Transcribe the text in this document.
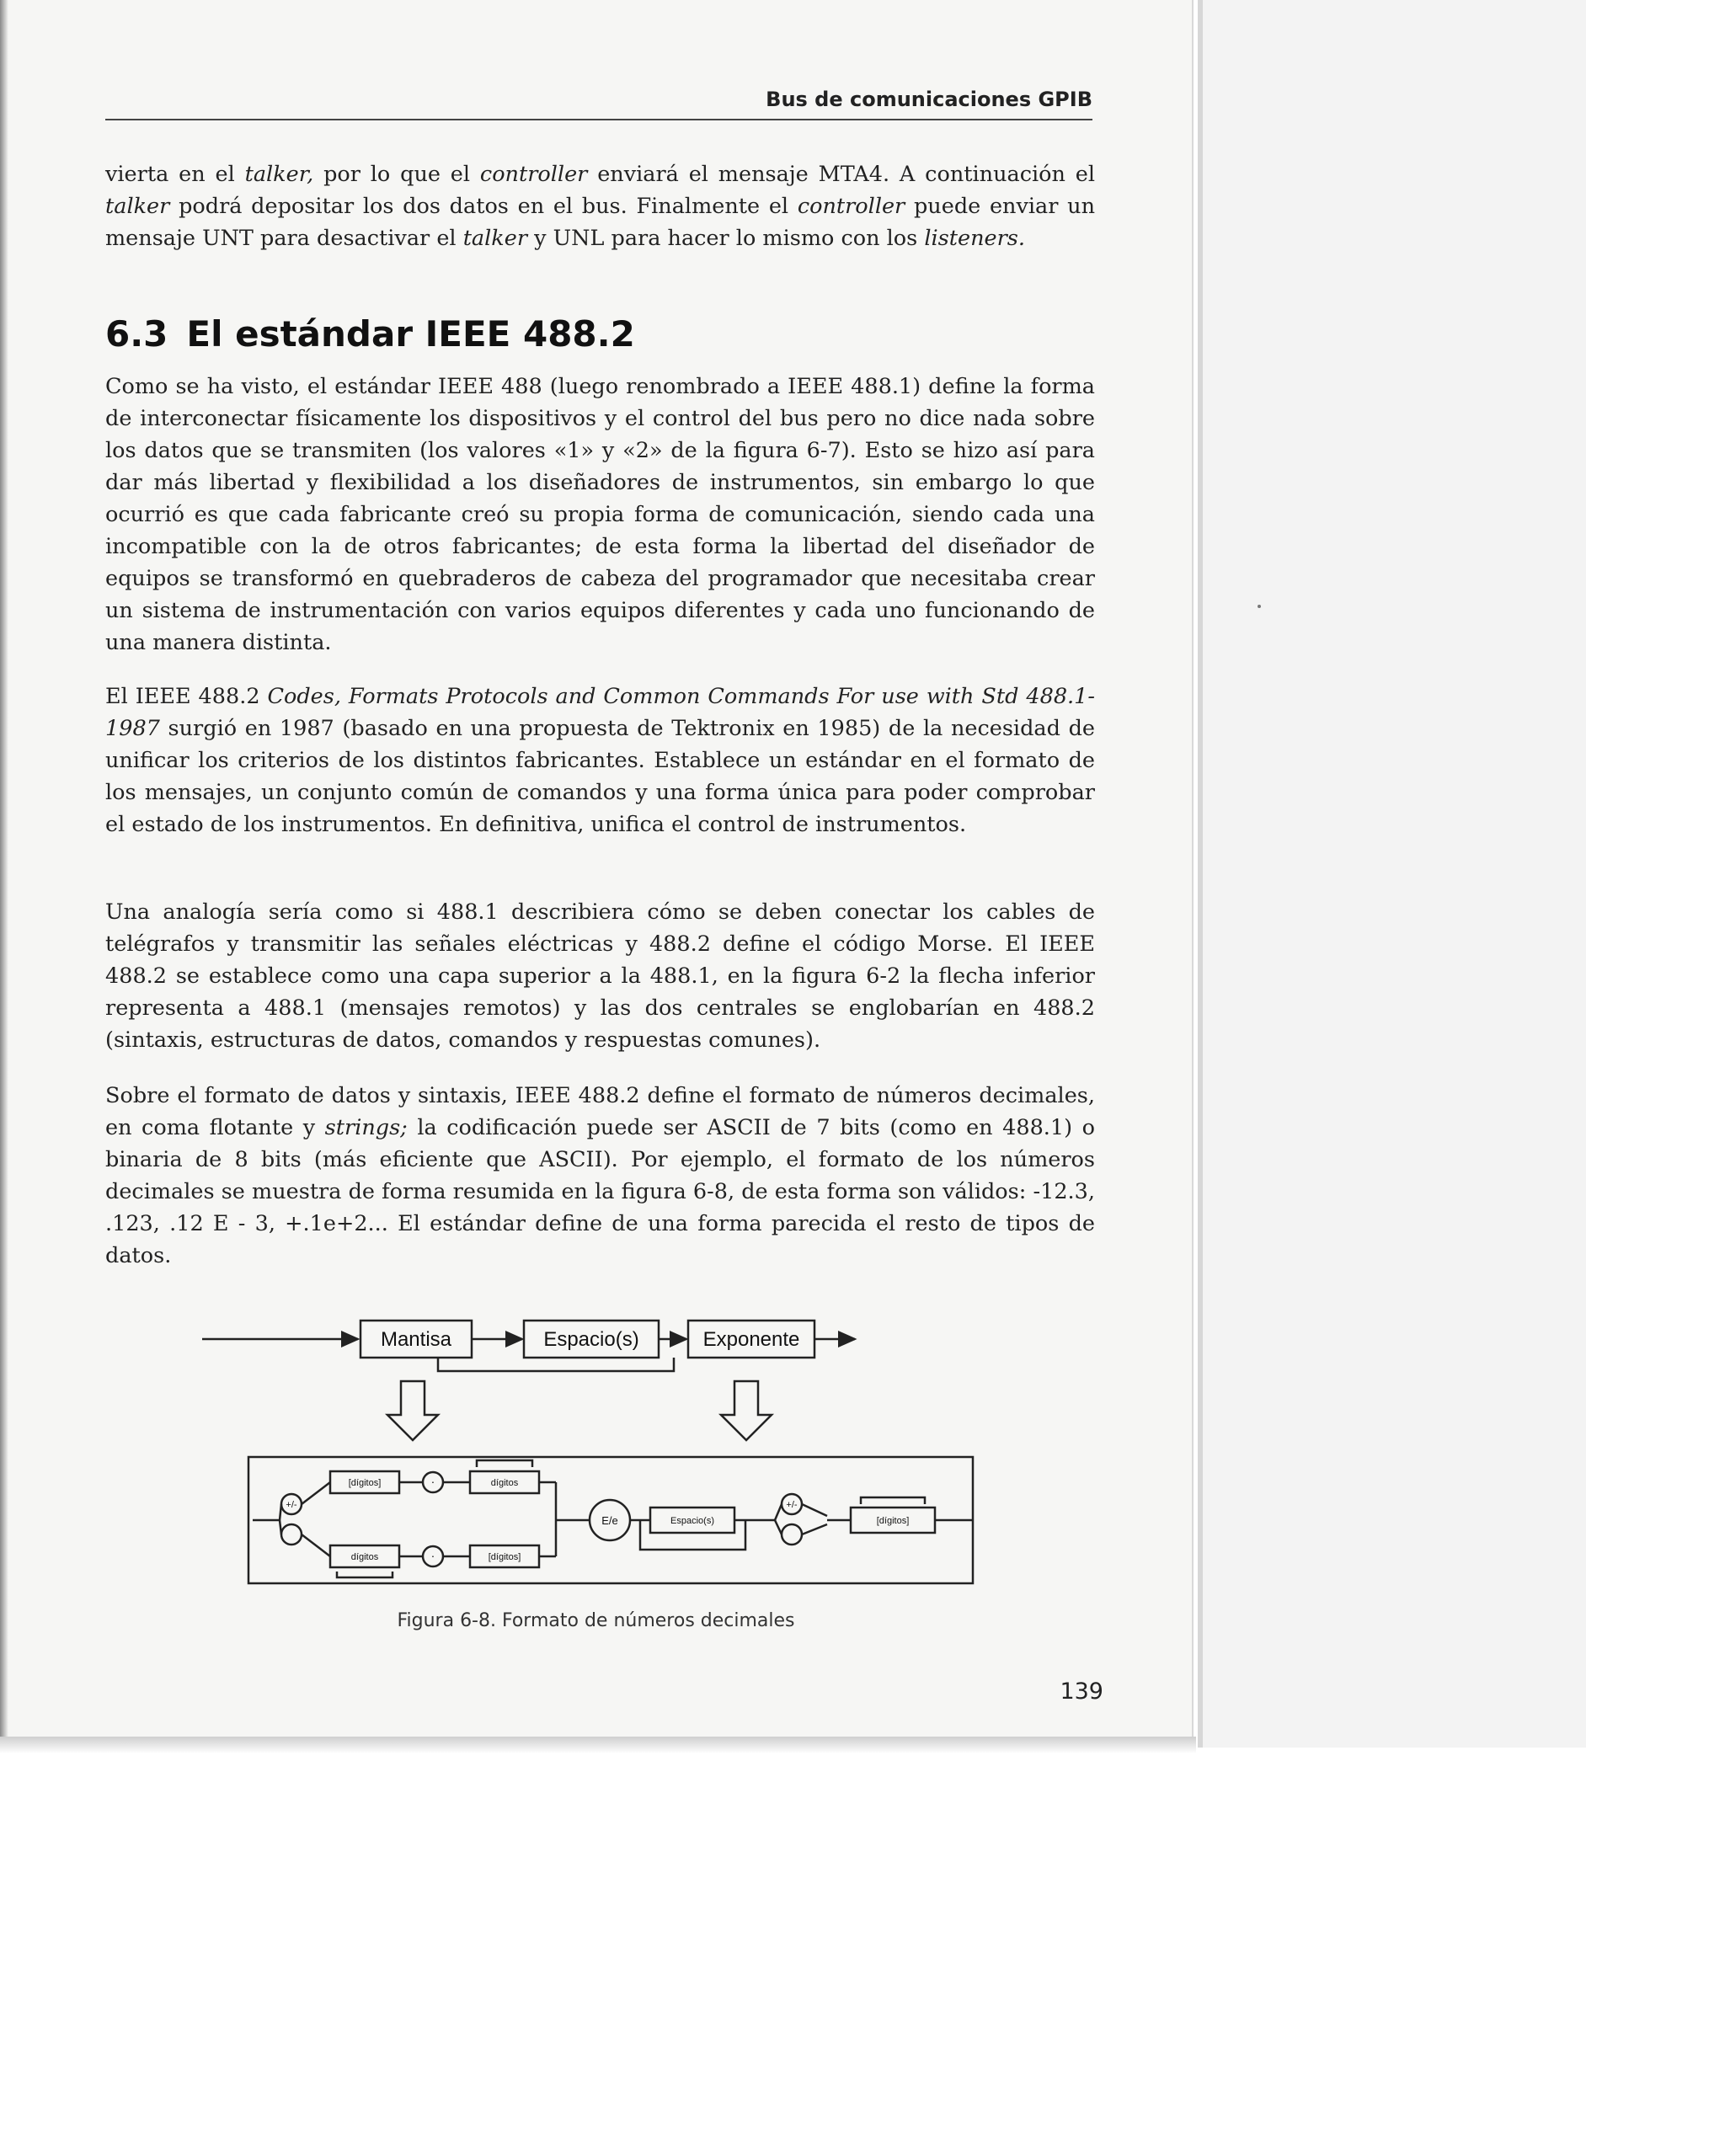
Bus de comunicaciones GPIB

vierta en el talker, por lo que el controller enviará el mensaje MTA4. A continuación el talker podrá depositar los dos datos en el bus. Finalmente el controller puede enviar un mensaje UNT para desactivar el talker y UNL para hacer lo mismo con los listeners.

6.3 El estándar IEEE 488.2

Como se ha visto, el estándar IEEE 488 (luego renombrado a IEEE 488.1) define la forma de interconectar físicamente los dispositivos y el control del bus pero no dice nada sobre los datos que se transmiten (los valores «1» y «2» de la figura 6-7). Esto se hizo así para dar más libertad y flexibilidad a los diseñadores de instrumentos, sin embargo lo que ocurrió es que cada fabricante creó su propia forma de comunicación, siendo cada una incompatible con la de otros fabricantes; de esta forma la libertad del diseñador de equipos se transformó en quebraderos de cabeza del programador que necesitaba crear un sistema de instrumentación con varios equipos diferentes y cada uno funcionando de una manera distinta.

El IEEE 488.2 Codes, Formats Protocols and Common Commands For use with Std 488.1-1987 surgió en 1987 (basado en una propuesta de Tektronix en 1985) de la necesidad de unificar los criterios de los distintos fabricantes. Establece un estándar en el formato de los mensajes, un conjunto común de comandos y una forma única para poder comprobar el estado de los instrumentos. En definitiva, unifica el control de instrumentos.

Una analogía sería como si 488.1 describiera cómo se deben conectar los cables de telégrafos y transmitir las señales eléctricas y 488.2 define el código Morse. El IEEE 488.2 se establece como una capa superior a la 488.1, en la figura 6-2 la flecha inferior representa a 488.1 (mensajes remotos) y las dos centrales se englobarían en 488.2 (sintaxis, estructuras de datos, comandos y respuestas comunes).

Sobre el formato de datos y sintaxis, IEEE 488.2 define el formato de números decimales, en coma flotante y strings; la codificación puede ser ASCII de 7 bits (como en 488.1) o binaria de 8 bits (más eficiente que ASCII). Por ejemplo, el formato de los números decimales se muestra de forma resumida en la figura 6-8, de esta forma son válidos: -12.3, .123, .12 E - 3, +.1e+2... El estándar define de una forma parecida el resto de tipos de datos.

Mantisa	Espacio(s)	Exponente
+/-
[dígitos]	·	dígitos
dígitos	·	[dígitos]
E/e	Espacio(s)
+/-
[dígitos]
Figura 6-8. Formato de números decimales
139
